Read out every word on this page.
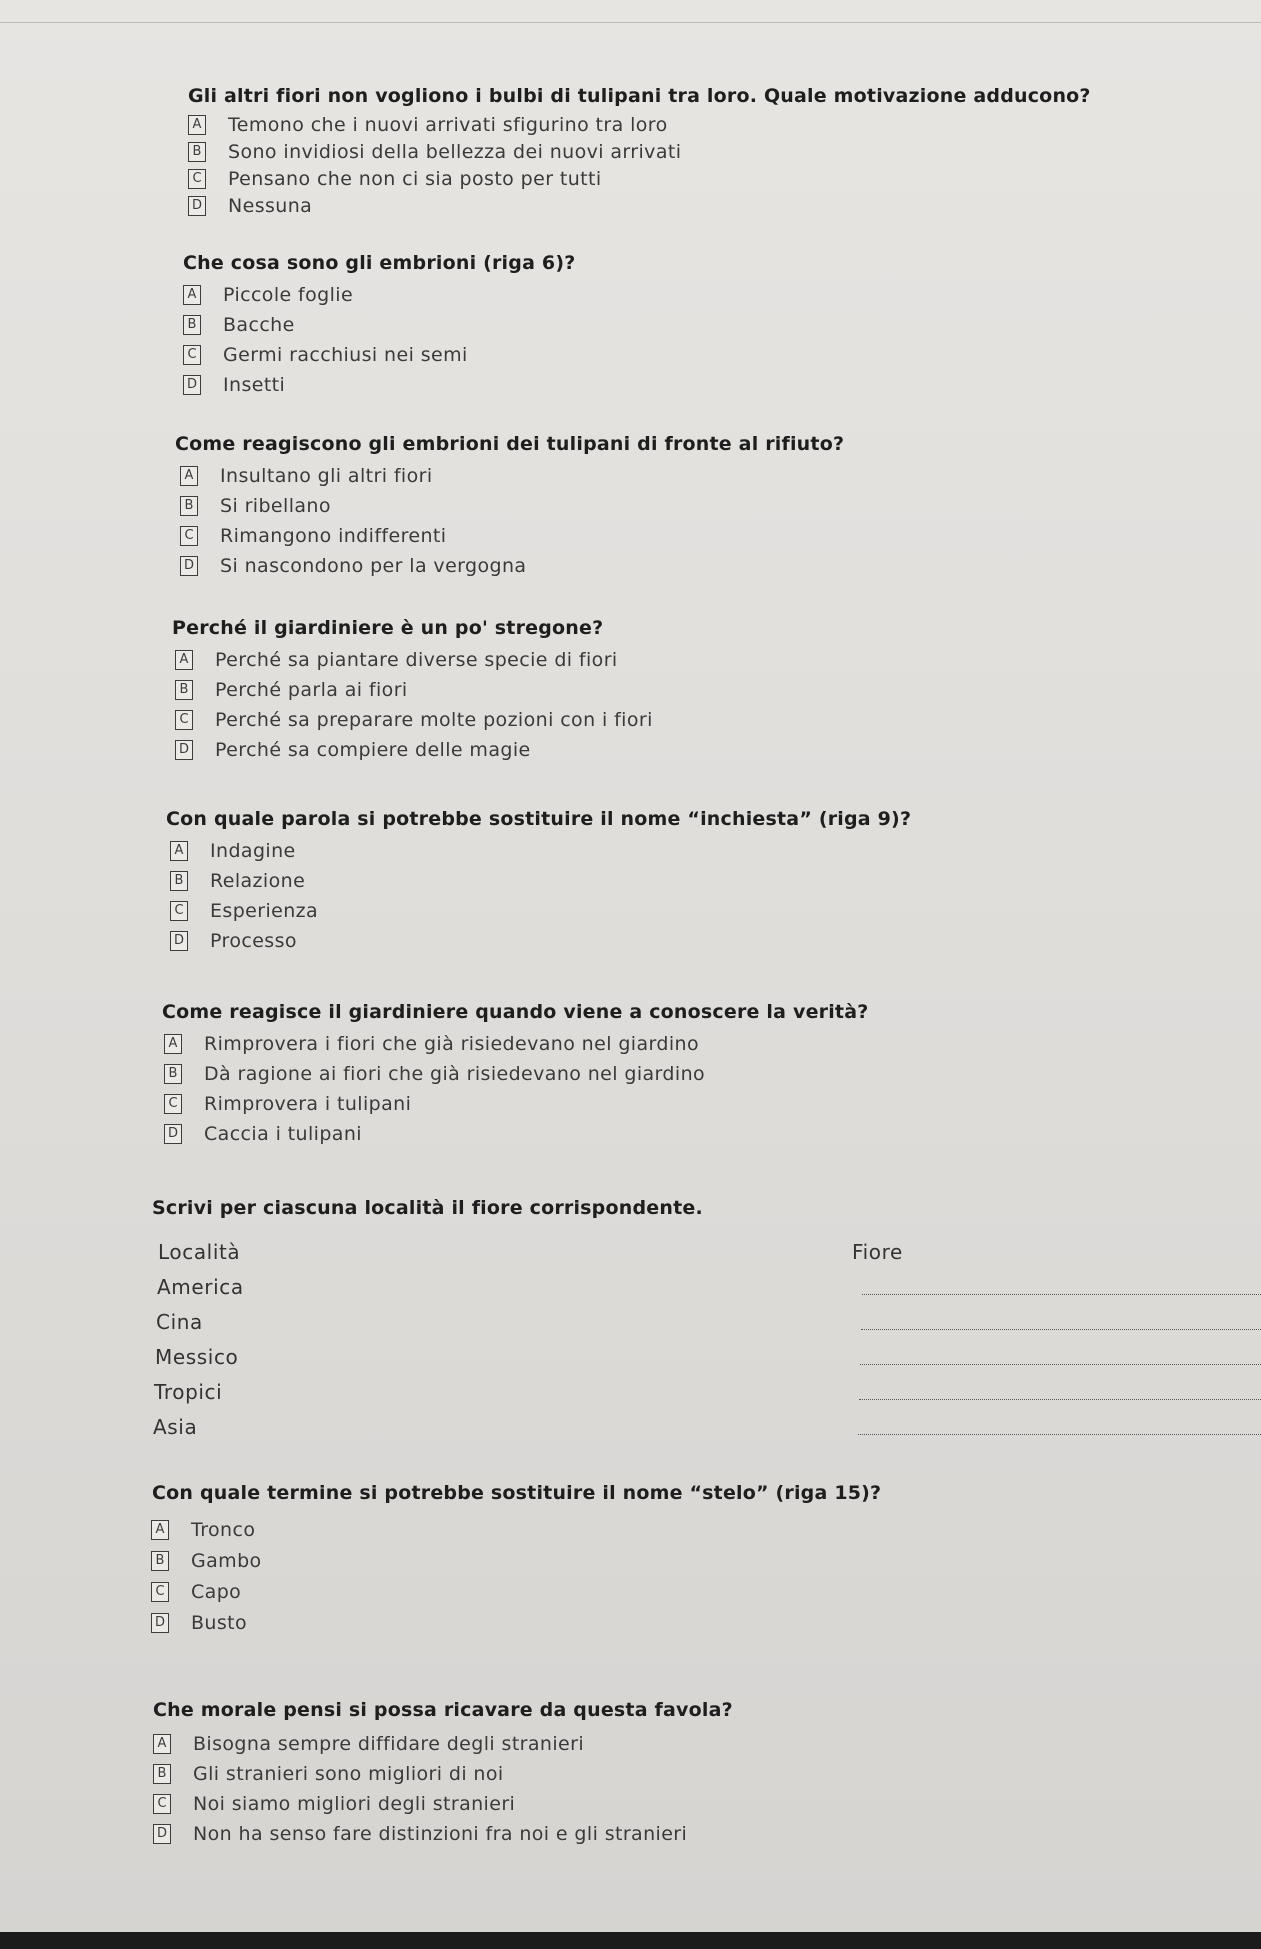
Gli altri fiori non vogliono i bulbi di tulipani tra loro. Quale motivazione adducono?
A Temono che i nuovi arrivati sfigurino tra loro
B Sono invidiosi della bellezza dei nuovi arrivati
C Pensano che non ci sia posto per tutti
D Nessuna
Che cosa sono gli embrioni (riga 6)?
A Piccole foglie
B Bacche
C Germi racchiusi nei semi
D Insetti
Come reagiscono gli embrioni dei tulipani di fronte al rifiuto?
A Insultano gli altri fiori
B Si ribellano
C Rimangono indifferenti
D Si nascondono per la vergogna
Perché il giardiniere è un po' stregone?
A Perché sa piantare diverse specie di fiori
B Perché parla ai fiori
C Perché sa preparare molte pozioni con i fiori
D Perché sa compiere delle magie
Con quale parola si potrebbe sostituire il nome “inchiesta” (riga 9)?
A Indagine
B Relazione
C Esperienza
D Processo
Come reagisce il giardiniere quando viene a conoscere la verità?
A Rimprovera i fiori che già risiedevano nel giardino
B Dà ragione ai fiori che già risiedevano nel giardino
C Rimprovera i tulipani
D Caccia i tulipani
Scrivi per ciascuna località il fiore corrispondente.
Località	Fiore
America
Cina
Messico
Tropici
Asia
Con quale termine si potrebbe sostituire il nome “stelo” (riga 15)?
A Tronco
B Gambo
C Capo
D Busto
Che morale pensi si possa ricavare da questa favola?
A Bisogna sempre diffidare degli stranieri
B Gli stranieri sono migliori di noi
C Noi siamo migliori degli stranieri
D Non ha senso fare distinzioni fra noi e gli stranieri
